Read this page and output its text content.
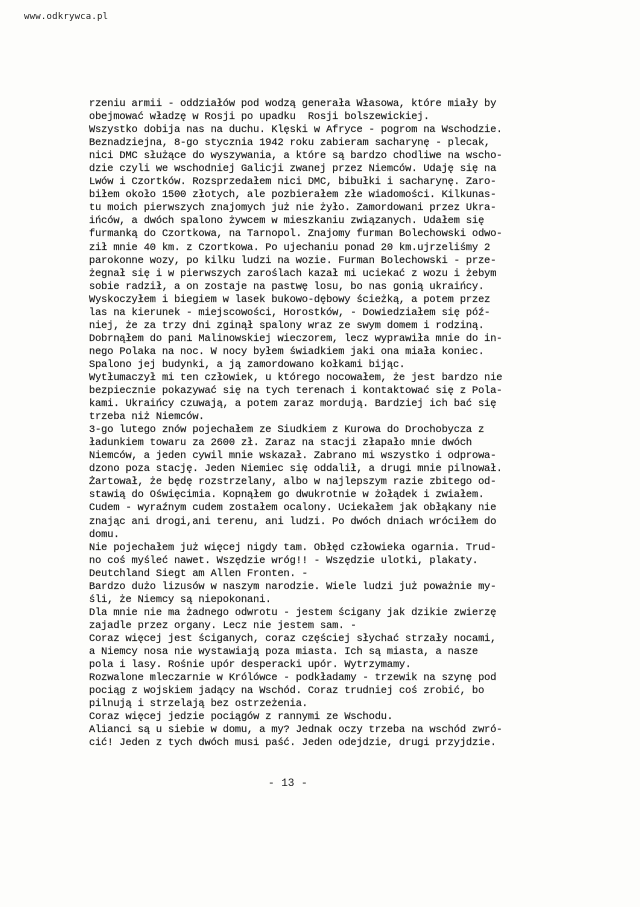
www.odkrywca.pl
rzeniu armii - oddziałów pod wodzą generała Własowa, które miały by
obejmować władzę w Rosji po upadku  Rosji bolszewickiej.
Wszystko dobija nas na duchu. Klęski w Afryce - pogrom na Wschodzie.
Beznadziejna, 8-go stycznia 1942 roku zabieram sacharynę - plecak,
nici DMC służące do wyszywania, a które są bardzo chodliwe na wscho-
dzie czyli we wschodniej Galicji zwanej przez Niemców. Udaję się na
Lwów i Czortków. Rozsprzedałem nici DMC, bibułki i sacharynę. Zaro-
biłem około 1500 złotych, ale pozbierałem złe wiadomości. Kilkunas-
tu moich pierwszych znajomych już nie żyło. Zamordowani przez Ukra-
ińców, a dwóch spalono żywcem w mieszkaniu związanych. Udałem się
furmanką do Czortkowa, na Tarnopol. Znajomy furman Bolechowski odwo-
ził mnie 40 km. z Czortkowa. Po ujechaniu ponad 20 km.ujrzeliśmy 2
parokonne wozy, po kilku ludzi na wozie. Furman Bolechowski - prze-
żegnał się i w pierwszych zaroślach kazał mi uciekać z wozu i żebym
sobie radził, a on zostaje na pastwę losu, bo nas gonią ukraińcy.
Wyskoczyłem i biegiem w lasek bukowo-dębowy ścieżką, a potem przez
las na kierunek - miejscowości, Horostków, - Dowiedziałem się póź-
niej, że za trzy dni zginął spalony wraz ze swym domem i rodziną.
Dobrnąłem do pani Malinowskiej wieczorem, lecz wyprawiła mnie do in-
nego Polaka na noc. W nocy byłem świadkiem jaki ona miała koniec.
Spalono jej budynki, a ją zamordowano kołkami bijąc.
Wytłumaczył mi ten człowiek, u którego nocowałem, że jest bardzo nie
bezpiecznie pokazywać się na tych terenach i kontaktować się z Pola-
kami. Ukraińcy czuwają, a potem zaraz mordują. Bardziej ich bać się
trzeba niż Niemców.
3-go lutego znów pojechałem ze Siudkiem z Kurowa do Drochobycza z
ładunkiem towaru za 2600 zł. Zaraz na stacji złapało mnie dwóch
Niemców, a jeden cywil mnie wskazał. Zabrano mi wszystko i odprowa-
dzono poza stację. Jeden Niemiec się oddalił, a drugi mnie pilnował.
Żartował, że będę rozstrzelany, albo w najlepszym razie zbitego od-
stawią do Oświęcimia. Kopnąłem go dwukrotnie w żołądek i zwiałem.
Cudem - wyraźnym cudem zostałem ocalony. Uciekałem jak obłąkany nie
znając ani drogi,ani terenu, ani ludzi. Po dwóch dniach wróciłem do
domu.
Nie pojechałem już więcej nigdy tam. Obłęd człowieka ogarnia. Trud-
no coś myśleć nawet. Wszędzie wróg!! - Wszędzie ulotki, plakaty.
Deutchland Siegt am Allen Fronten. -
Bardzo dużo lizusów w naszym narodzie. Wiele ludzi już poważnie my-
śli, że Niemcy są niepokonani.
Dla mnie nie ma żadnego odwrotu - jestem ścigany jak dzikie zwierzę
zajadle przez organy. Lecz nie jestem sam. -
Coraz więcej jest ściganych, coraz częściej słychać strzały nocami,
a Niemcy nosa nie wystawiają poza miasta. Ich są miasta, a nasze
pola i lasy. Rośnie upór desperacki upór. Wytrzymamy.
Rozwalone mleczarnie w Królówce - podkładamy - trzewik na szynę pod
pociąg z wojskiem jadący na Wschód. Coraz trudniej coś zrobić, bo
pilnują i strzelają bez ostrzeżenia.
Coraz więcej jedzie pociągów z rannymi ze Wschodu.
Alianci są u siebie w domu, a my? Jednak oczy trzeba na wschód zwró-
cić! Jeden z tych dwóch musi paść. Jeden odejdzie, drugi przyjdzie.
- 13 -
